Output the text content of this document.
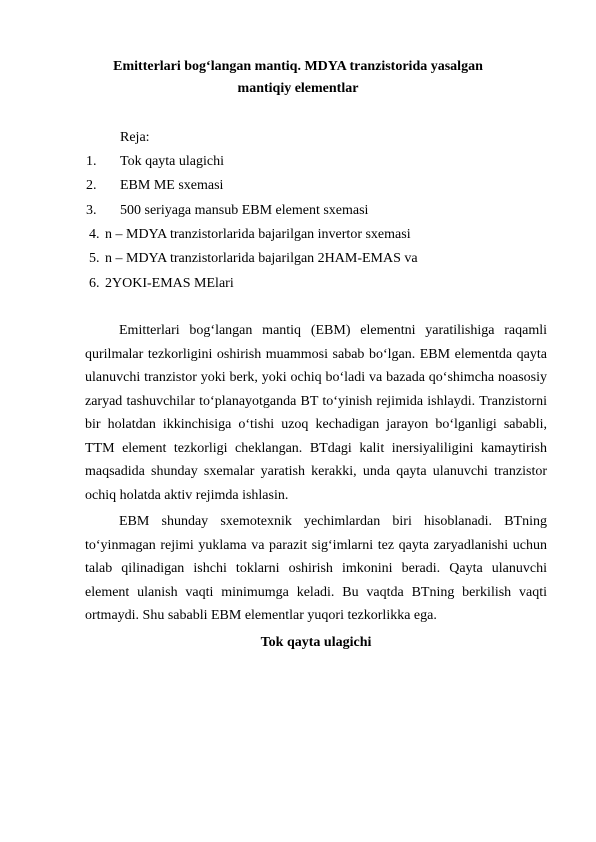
Emitterlari bog‘langan mantiq. MDYA tranzistorida yasalgan mantiqiy elementlar
Reja:
1. Tok qayta ulagichi
2. EBM ME sxemasi
3. 500 seriyaga mansub EBM element sxemasi
4. n – MDYA tranzistorlarida bajarilgan invertor sxemasi
5. n – MDYA tranzistorlarida bajarilgan 2HAM-EMAS va
6. 2YOKI-EMAS MElari

Emitterlari bog‘langan mantiq (EBM) elementni yaratilishiga raqamli qurilmalar tezkorligini oshirish muammosi sabab bo‘lgan. EBM elementda qayta ulanuvchi tranzistor yoki berk, yoki ochiq bo‘ladi va bazada qo‘shimcha noasosiy zaryad tashuvchilar to‘planayotganda BT to‘yinish rejimida ishlaydi. Tranzistorni bir holatdan ikkinchisiga o‘tishi uzoq kechadigan jarayon bo‘lganligi sababli, TTM element tezkorligi cheklangan. BTdagi kalit inersiyaliligini kamaytirish maqsadida shunday sxemalar yaratish kerakki, unda qayta ulanuvchi tranzistor ochiq holatda aktiv rejimda ishlasin.

EBM shunday sxemotexnik yechimlardan biri hisoblanadi. BTning to‘yinmagan rejimi yuklama va parazit sig‘imlarni tez qayta zaryadlanishi uchun talab qilinadigan ishchi toklarni oshirish imkonini beradi. Qayta ulanuvchi element ulanish vaqti minimumga keladi. Bu vaqtda BTning berkilish vaqti ortmaydi. Shu sababli EBM elementlar yuqori tezkorlikka ega.

Tok qayta ulagichi
